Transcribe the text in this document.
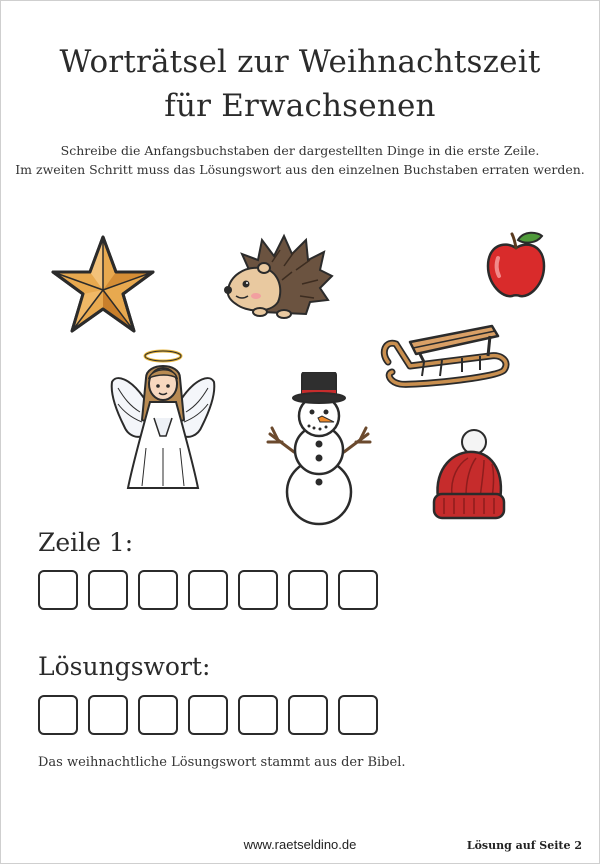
Worträtsel zur Weihnachtszeit
für Erwachsenen
Schreibe die Anfangsbuchstaben der dargestellten Dinge in die erste Zeile.
Im zweiten Schritt muss das Lösungswort aus den einzelnen Buchstaben erraten werden.
Zeile 1:
Lösungswort:
Das weihnachtliche Lösungswort stammt aus der Bibel.
www.raetseldino.de	Lösung auf Seite 2
